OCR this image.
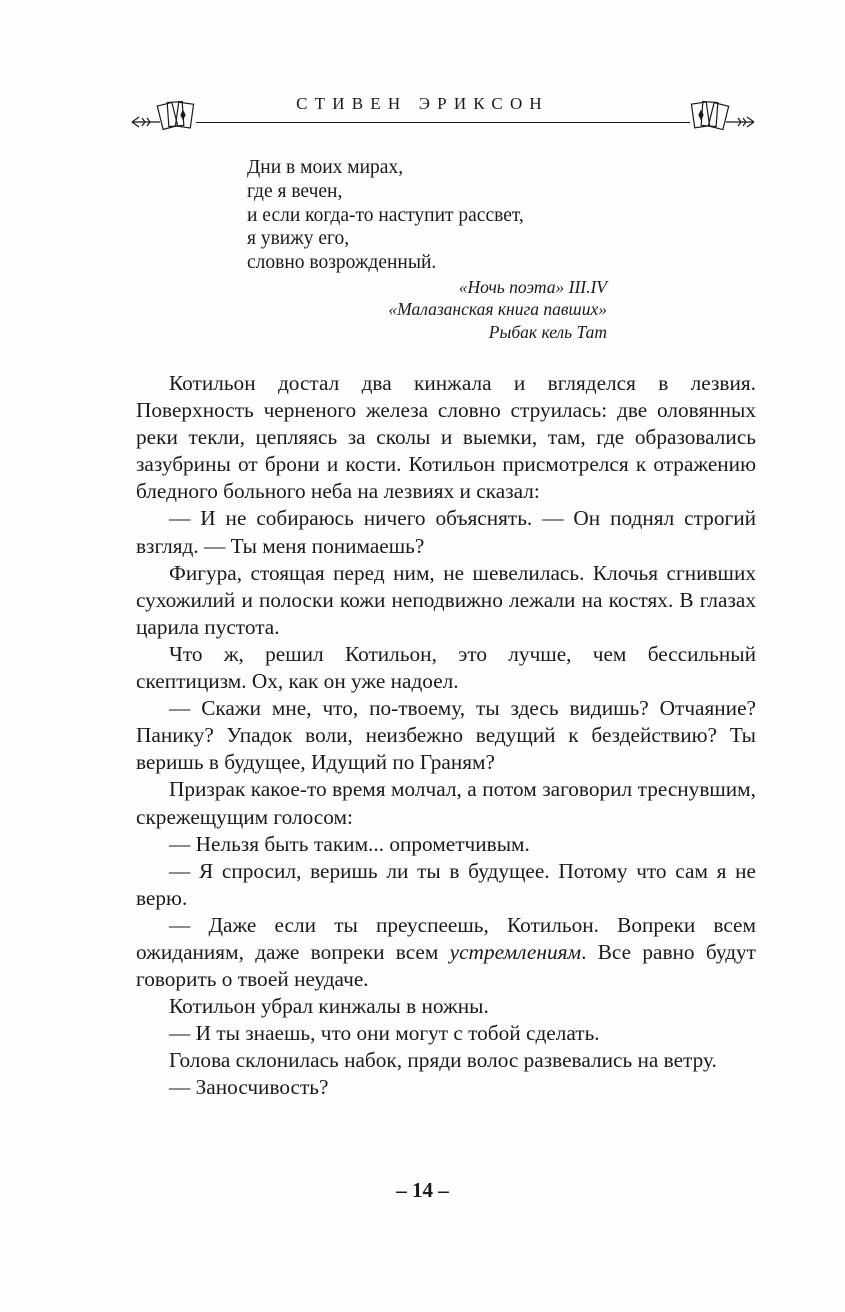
СТИВЕН ЭРИКСОН
Дни в моих мирах,
где я вечен,
и если когда-то наступит рассвет,
я увижу его,
словно возрожденный.
«Ночь поэта» III.IV
«Малазанская книга павших»
Рыбак кель Тат

Котильон достал два кинжала и вгляделся в лезвия. Поверхность черненого железа словно струилась: две оловянных реки текли, цепляясь за сколы и выемки, там, где образовались зазубрины от брони и кости. Котильон присмотрелся к отражению бледного больного неба на лезвиях и сказал:

— И не собираюсь ничего объяснять. — Он поднял строгий взгляд. — Ты меня понимаешь?

Фигура, стоящая перед ним, не шевелилась. Клочья сгнивших сухожилий и полоски кожи неподвижно лежали на костях. В глазах царила пустота.

Что ж, решил Котильон, это лучше, чем бессильный скептицизм. Ох, как он уже надоел.

— Скажи мне, что, по-твоему, ты здесь видишь? Отчаяние? Панику? Упадок воли, неизбежно ведущий к бездействию? Ты веришь в будущее, Идущий по Граням?

Призрак какое-то время молчал, а потом заговорил треснувшим, скрежещущим голосом:

— Нельзя быть таким... опрометчивым.

— Я спросил, веришь ли ты в будущее. Потому что сам я не верю.

— Даже если ты преуспеешь, Котильон. Вопреки всем ожиданиям, даже вопреки всем устремлениям. Все равно будут говорить о твоей неудаче.

Котильон убрал кинжалы в ножны.

— И ты знаешь, что они могут с тобой сделать.

Голова склонилась набок, пряди волос развевались на ветру.

— Заносчивость?

– 14 –
